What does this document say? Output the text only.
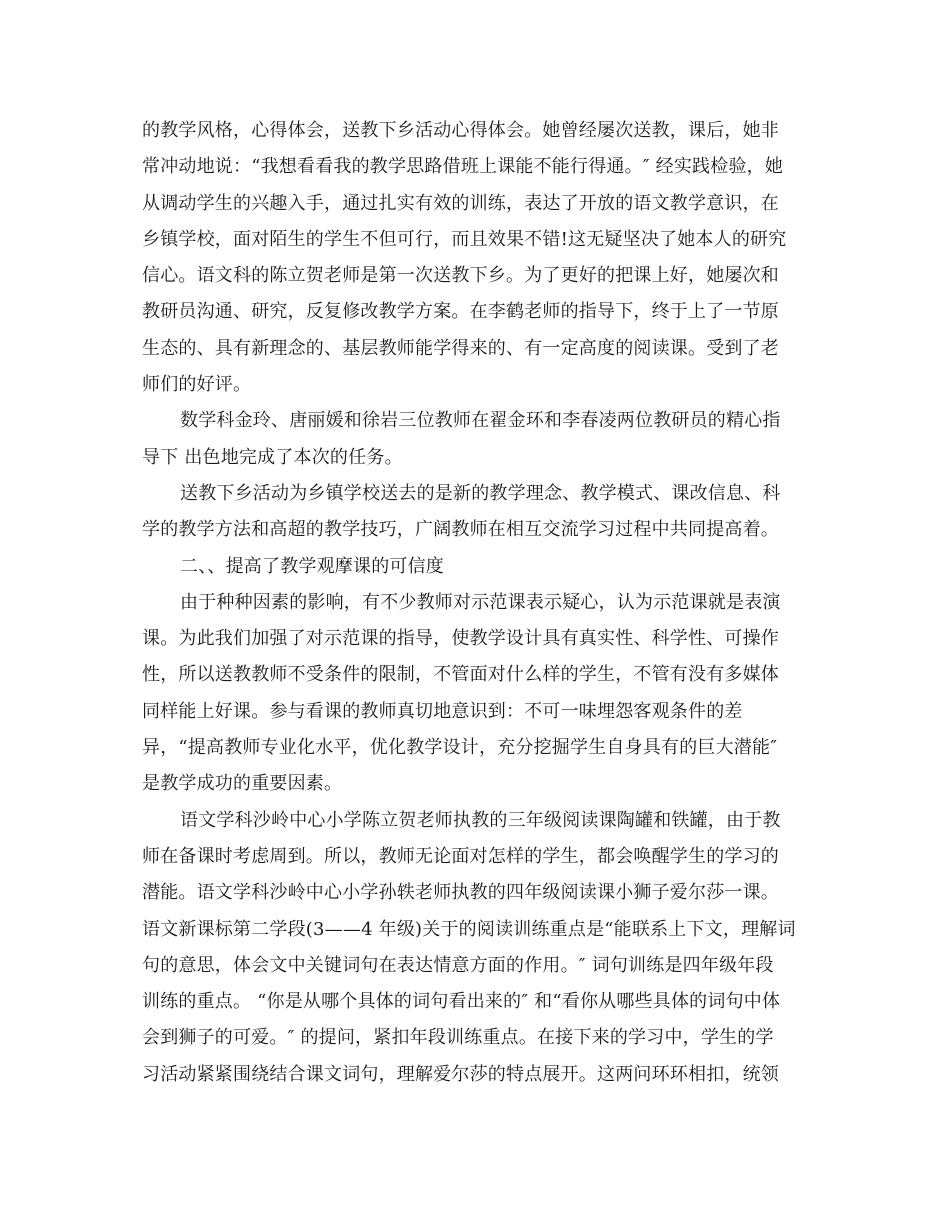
的教学风格，心得体会，送教下乡活动心得体会。她曾经屡次送教，课后，她非
常冲动地说：“我想看看我的教学思路借班上课能不能行得通。″ 经实践检验，她
从调动学生的兴趣入手，通过扎实有效的训练，表达了开放的语文教学意识，在
乡镇学校，面对陌生的学生不但可行，而且效果不错!这无疑坚决了她本人的研究
信心。语文科的陈立贺老师是第一次送教下乡。为了更好的把课上好，她屡次和
教研员沟通、研究，反复修改教学方案。在李鹤老师的指导下，终于上了一节原
生态的、具有新理念的、基层教师能学得来的、有一定高度的阅读课。受到了老
师们的好评。

数学科金玲、唐丽媛和徐岩三位教师在翟金环和李春凌两位教研员的精心指
导下 出色地完成了本次的任务。

送教下乡活动为乡镇学校送去的是新的教学理念、教学模式、课改信息、科
学的教学方法和高超的教学技巧，广阔教师在相互交流学习过程中共同提高着。

二、、提高了教学观摩课的可信度

由于种种因素的影响，有不少教师对示范课表示疑心，认为示范课就是表演
课。为此我们加强了对示范课的指导，使教学设计具有真实性、科学性、可操作
性，所以送教教师不受条件的限制，不管面对什么样的学生，不管有没有多媒体
同样能上好课。参与看课的教师真切地意识到：不可一味埋怨客观条件的差
异，“提高教师专业化水平，优化教学设计，充分挖掘学生自身具有的巨大潜能″
是教学成功的重要因素。

语文学科沙岭中心小学陈立贺老师执教的三年级阅读课陶罐和铁罐，由于教
师在备课时考虑周到。所以，教师无论面对怎样的学生，都会唤醒学生的学习的
潜能。语文学科沙岭中心小学孙轶老师执教的四年级阅读课小狮子爱尔莎一课。
语文新课标第二学段(3——4 年级)关于的阅读训练重点是“能联系上下文，理解词
句的意思，体会文中关键词句在表达情意方面的作用。″ 词句训练是四年级年段
训练的重点。 “你是从哪个具体的词句看出来的″ 和“看你从哪些具体的词句中体
会到狮子的可爱。″ 的提问，紧扣年段训练重点。在接下来的学习中，学生的学
习活动紧紧围绕结合课文词句，理解爱尔莎的特点展开。这两问环环相扣，统领
